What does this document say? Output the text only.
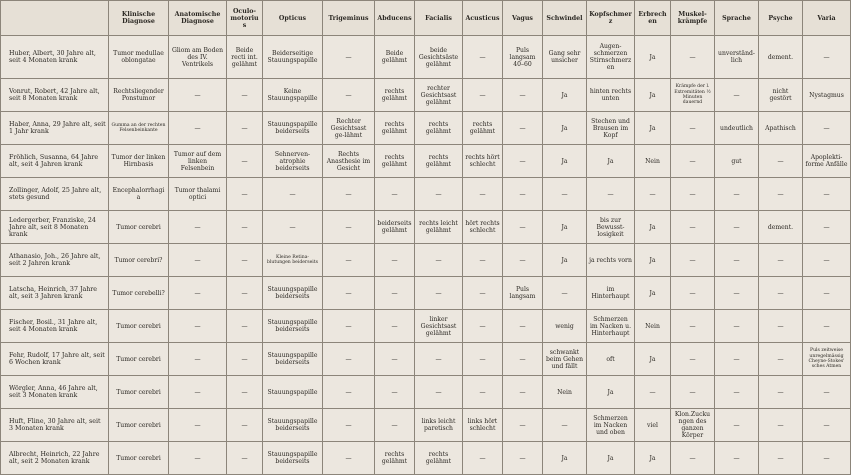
	Klinische Diagnose	Anatomische Diagnose	Oculo-motorius	Opticus	Trigeminus	Abducens	Facialis	Acusticus	Vagus	Schwindel	Kopfschmerz	Erbrechen	Muskel-krämpfe	Sprache	Psyche	Varia
Huber, Albert, 30 Jahre alt, seit 4 Monaten krank	Tumor medullae oblongatae	Gliom am Boden des IV. Ventrikels	Beide recti int. gelähmt	Beiderseitige Stauungspapille	—	Beide gelähmt	beide Gesichtsäste gelähmt	—	Puls langsam 40–60	Gang sehr unsicher	Augen-schmerzen Stirnschmerzen	Ja	—	unverständ-lich	dement.	—
Vonrut, Robert, 42 Jahre alt, seit 8 Monaten krank	Rechtsliegender Ponstumor	—	—	Keine Stauungspapille	—	rechts gelähmt	rechter Gesichtsast gelähmt	—	—	Ja	hinten rechts unten	Ja	Krämpfe der l. Extremitäten ½ Minuten dauernd	—	nicht gestört	Nystagmus
Haber, Anna, 29 Jahre alt, seit 1 Jahr krank	Gumma an der rechten Felsenbeinkante	—	—	Stauungspapille beiderseits	Rechter Gesichtsast ge-lähmt	rechts gelähmt	rechts gelähmt	rechts gelähmt	—	Ja	Stechen und Brausen im Kopf	Ja	—	undeutlich	Apathisch	—
Fröhlich, Susanna, 64 Jahre alt, seit 4 Jahren krank	Tumor der linken Hirnbasis	Tumor auf dem linken Felsenbein	—	Sehnerven-atrophie beiderseits	Rechts Anasthesie im Gesicht	rechts gelähmt	rechts gelähmt	rechts hört schlecht	—	Ja	Ja	Nein	—	gut	—	Apoplekti-forme Anfälle
Zollinger, Adolf, 25 Jahre alt, stets gesund	Encephalorrhagia	Tumor thalami optici	—	—	—	—	—	—	—	—	—	—	—	—	—	—
Ledergerber, Franziske, 24 Jahre alt, seit 8 Monaten krank	Tumor cerebri	—	—	—	—	beiderseits gelähmt	rechts leicht gelähmt	hört rechts schlecht	—	Ja	bis zur Bewusst-losigkeit	Ja	—	—	dement.	—
Athanasio, Joh., 26 Jahre alt, seit 2 Jahren krank	Tumor cerebri?	—	—	Kleine Retina-blutungen beiderseits	—	—	—	—	—	Ja	ja rechts vorn	Ja	—	—	—	—
Latscha, Heinrich, 37 Jahre alt, seit 3 Jahren krank	Tumor cerebelli?	—	—	Stauungspapille beiderseits	—	—	—	—	Puls langsam	—	im Hinterhaupt	Ja	—	—	—	—
Fischer, Bosil., 31 Jahre alt, seit 4 Monaten krank	Tumor cerebri	—	—	Stauungspapille beiderseits	—	—	linker Gesichtsast gelähmt	—	—	wenig	Schmerzen im Nacken u. Hinterhaupt	Nein	—	—	—	—
Fehr, Rudolf, 17 Jahre alt, seit 6 Wochen krank	Tumor cerebri	—	—	Stauungspapille beiderseits	—	—	—	—	—	schwankt beim Gehen und fällt	oft	Ja	—	—	—	Puls zeitweise unregelmässig Cheyne-Stokes' sches Atmen
Wörgler, Anna, 46 Jahre alt, seit 3 Monaten krank	Tumor cerebri	—	—	Stauungspapille	—	—	—	—	—	Nein	Ja	—	—	—	—	—
Huft, Fline, 30 Jahre alt, seit 3 Monaten krank	Tumor cerebri	—	—	Stauungspapille beiderseits	—	—	links leicht paretisch	links hört schlecht	—	—	Schmerzen im Nacken und oben	viel	Klon.Zuckungen des ganzen Körper	—	—	—
Albrecht, Heinrich, 22 Jahre alt, seit 2 Monaten krank	Tumor cerebri	—	—	Stauungspapille beiderseits	—	rechts gelähmt	rechts gelähmt	—	—	Ja	Ja	Ja	—	—	—	—
